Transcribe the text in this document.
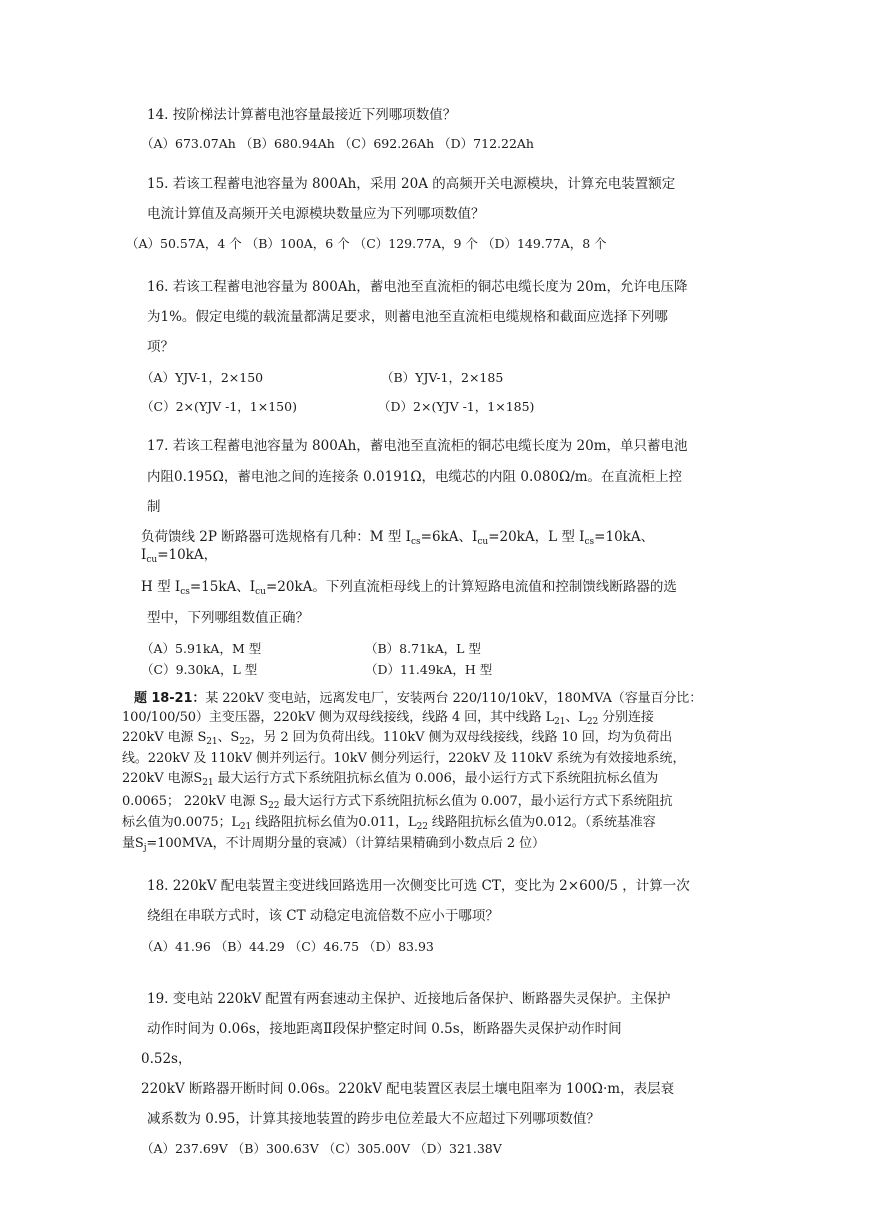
14. 按阶梯法计算蓄电池容量最接近下列哪项数值？
（A）673.07Ah （B）680.94Ah （C）692.26Ah （D）712.22Ah
15. 若该工程蓄电池容量为 800Ah，采用 20A 的高频开关电源模块，计算充电装置额定
电流计算值及高频开关电源模块数量应为下列哪项数值？
（A）50.57A，4 个 （B）100A，6 个 （C）129.77A，9 个 （D）149.77A，8 个
16. 若该工程蓄电池容量为 800Ah，蓄电池至直流柜的铜芯电缆长度为 20m，允许电压降
为1%。假定电缆的载流量都满足要求，则蓄电池至直流柜电缆规格和截面应选择下列哪
项？
（A）YJV-1，2×150	（B）YJV-1，2×185
（C）2×(YJV -1，1×150)	（D）2×(YJV -1，1×185)
17. 若该工程蓄电池容量为 800Ah，蓄电池至直流柜的铜芯电缆长度为 20m，单只蓄电池
内阻0.195Ω，蓄电池之间的连接条 0.0191Ω，电缆芯的内阻 0.080Ω/m。在直流柜上控
制
负荷馈线 2P 断路器可选规格有几种：M 型 $I_{cs}=6kA$、$I_{cu}=20kA$，L 型 $I_{cs}=10kA$、
$I_{cu}=10kA$，
H 型 $I_{cs}=15kA$、$I_{cu}=20kA$。下列直流柜母线上的计算短路电流值和控制馈线断路器的选
型中，下列哪组数值正确？
（A）5.91kA，M 型	（B）8.71kA，L 型
（C）9.30kA，L 型	（D）11.49kA，H 型
题 18-21：某 220kV 变电站，远离发电厂，安装两台 220/110/10kV，180MVA（容量百分比：
100/100/50）主变压器，220kV 侧为双母线接线，线路 4 回，其中线路 $L_{21}$、$L_{22}$ 分别连接
220kV 电源 $S_{21}$、$S_{22}$，另 2 回为负荷出线。110kV 侧为双母线接线，线路 10 回，均为负荷出
线。220kV 及 110kV 侧并列运行。10kV 侧分列运行，220kV 及 110kV 系统为有效接地系统，
220kV 电源$S_{21}$ 最大运行方式下系统阻抗标幺值为 0.006，最小运行方式下系统阻抗标幺值为
0.0065； 220kV 电源 $S_{22}$ 最大运行方式下系统阻抗标幺值为 0.007，最小运行方式下系统阻抗
标幺值为0.0075；$L_{21}$ 线路阻抗标幺值为0.011，$L_{22}$ 线路阻抗标幺值为0.012。（系统基准容
量$S_j=100MVA$，不计周期分量的衰减）（计算结果精确到小数点后 2 位）
18. 220kV 配电装置主变进线回路选用一次侧变比可选 CT，变比为 2×600/5 ，计算一次
绕组在串联方式时，该 CT 动稳定电流倍数不应小于哪项？
（A）41.96 （B）44.29 （C）46.75 （D）83.93
19. 变电站 220kV 配置有两套速动主保护、近接地后备保护、断路器失灵保护。主保护
动作时间为 0.06s，接地距离Ⅱ段保护整定时间 0.5s，断路器失灵保护动作时间
0.52s，
220kV 断路器开断时间 0.06s。220kV 配电装置区表层土壤电阻率为 100Ω·m，表层衰
减系数为 0.95，计算其接地装置的跨步电位差最大不应超过下列哪项数值？
（A）237.69V （B）300.63V （C）305.00V （D）321.38V
